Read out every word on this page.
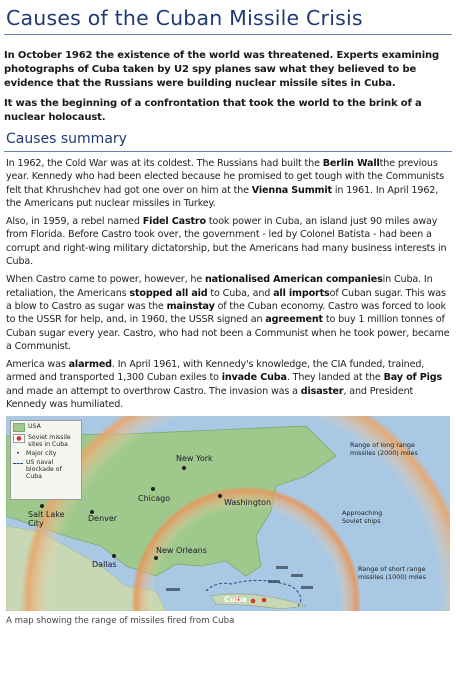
Causes of the Cuban Missile Crisis

In October 1962 the existence of the world was threatened. Experts examining photographs of Cuba taken by U2 spy planes saw what they believed to be evidence that the Russians were building nuclear missile sites in Cuba.

It was the beginning of a confrontation that took the world to the brink of a nuclear holocaust.

Causes summary

In 1962, the Cold War was at its coldest. The Russians had built the Berlin Wallthe previous year. Kennedy who had been elected because he promised to get tough with the Communists felt that Khrushchev had got one over on him at the Vienna Summit in 1961. In April 1962, the Americans put nuclear missiles in Turkey.

Also, in 1959, a rebel named Fidel Castro took power in Cuba, an island just 90 miles away from Florida. Before Castro took over, the government - led by Colonel Batista - had been a corrupt and right-wing military dictatorship, but the Americans had many business interests in Cuba.

When Castro came to power, however, he nationalised American companiesin Cuba. In retaliation, the Americans stopped all aid to Cuba, and all importsof Cuban sugar. This was a blow to Castro as sugar was the mainstay of the Cuban economy. Castro was forced to look to the USSR for help, and, in 1960, the USSR signed an agreement to buy 1 million tonnes of Cuban sugar every year. Castro, who had not been a Communist when he took power, became a Communist.

America was alarmed. In April 1961, with Kennedy's knowledge, the CIA funded, trained, armed and transported 1,300 Cuban exiles to invade Cuba. They landed at the Bay of Pigs and made an attempt to overthrow Castro. The invasion was a disaster, and President Kennedy was humiliated.

USA
●	Soviet missile sites in Cuba
• Major city
US naval blockade of Cuba
New York
Chicago	Washington
Salt Lake City
Denver
Dallas
New Orleans
Cuba
Range of long range missiles (2000) miles
Approaching Soviet ships
Range of short range missiles (1000) miles
A map showing the range of missiles fired from Cuba
